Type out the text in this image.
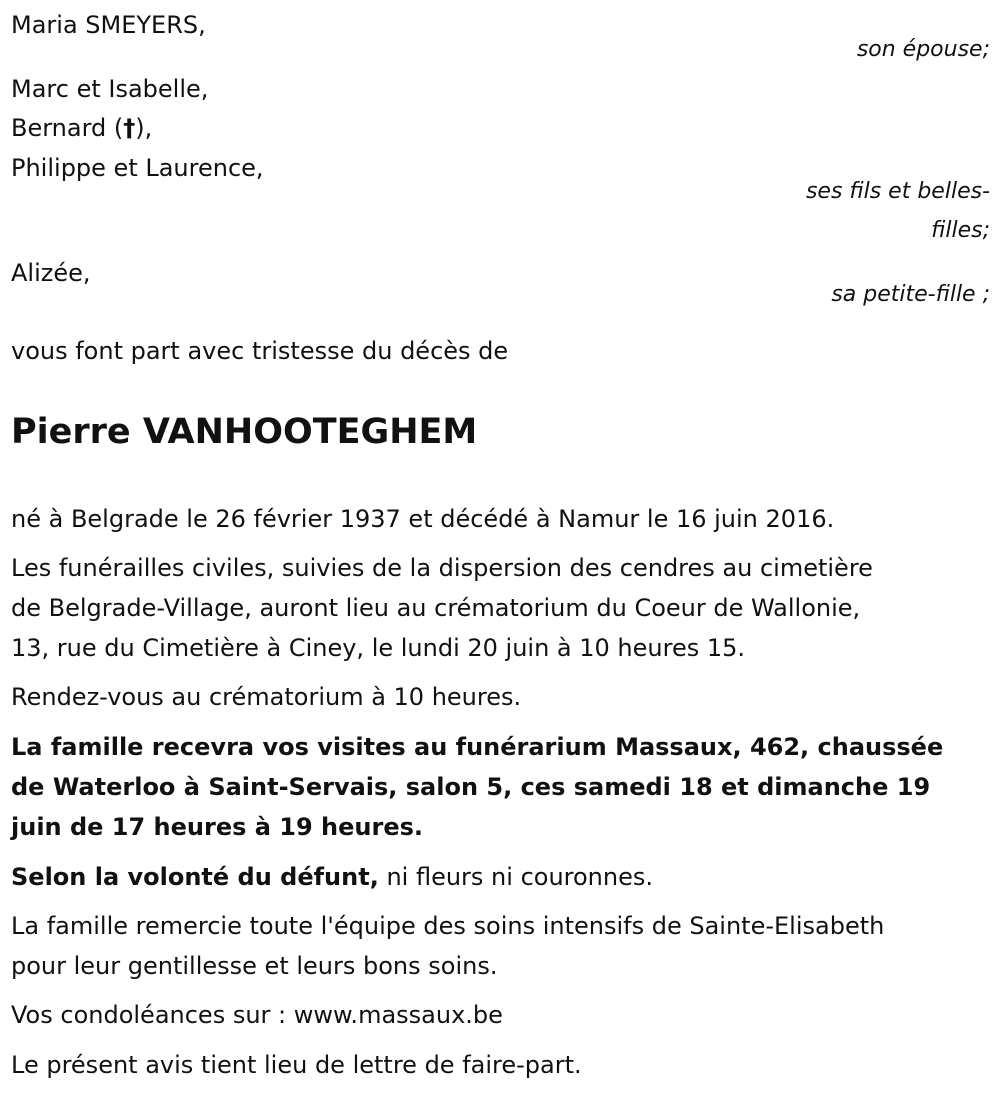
Maria SMEYERS,
son épouse;
Marc et Isabelle,
Bernard (†),
Philippe et Laurence,
ses fils et belles-
filles;
Alizée,
sa petite-fille ;
vous font part avec tristesse du décès de
Pierre VANHOOTEGHEM
né à Belgrade le 26 février 1937 et décédé à Namur le 16 juin 2016.
Les funérailles civiles, suivies de la dispersion des cendres au cimetière
de Belgrade-Village, auront lieu au crématorium du Coeur de Wallonie,
13, rue du Cimetière à Ciney, le lundi 20 juin à 10 heures 15.
Rendez-vous au crématorium à 10 heures.
La famille recevra vos visites au funérarium Massaux, 462, chaussée
de Waterloo à Saint-Servais, salon 5, ces samedi 18 et dimanche 19
juin de 17 heures à 19 heures.
Selon la volonté du défunt, ni fleurs ni couronnes.
La famille remercie toute l'équipe des soins intensifs de Sainte-Elisabeth
pour leur gentillesse et leurs bons soins.
Vos condoléances sur : www.massaux.be
Le présent avis tient lieu de lettre de faire-part.
